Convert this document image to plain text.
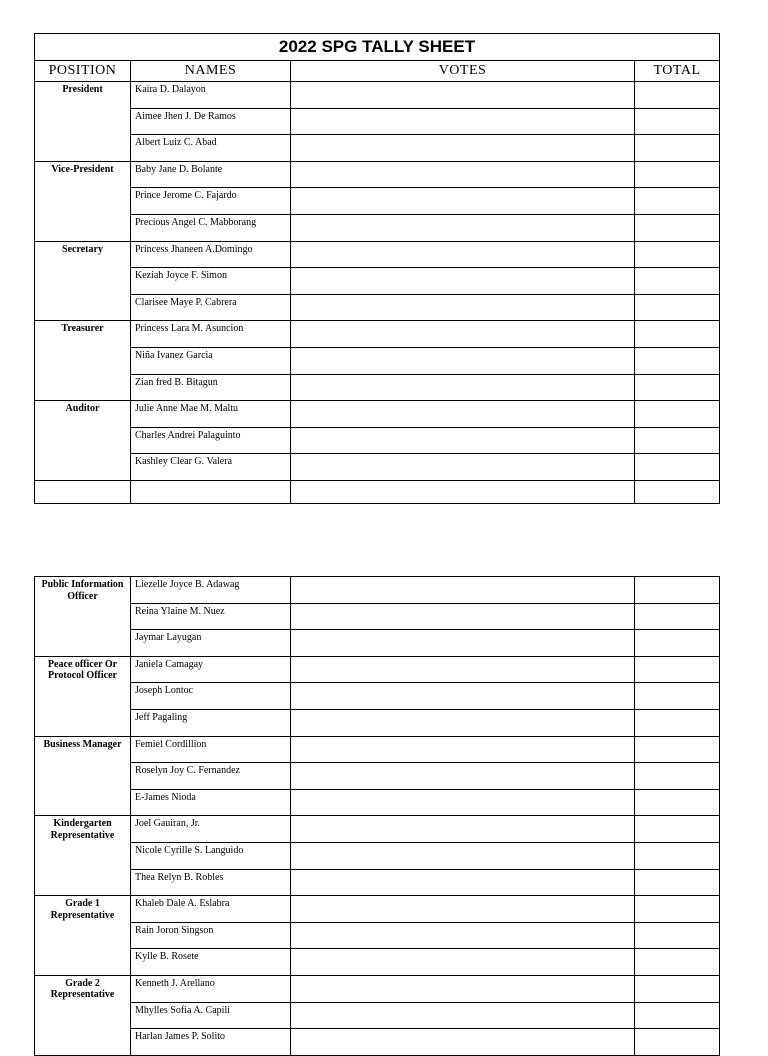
2022 SPG TALLY SHEET			
POSITION	NAMES	VOTES	TOTAL
President	Kaira D. Dalayon		
	Aimee Jhen J. De Ramos		
	Albert Luiz C. Abad		
Vice-President	Baby Jane D. Bolante		
	Prince Jerome C. Fajardo		
	Precious Angel C. Mabborang		
Secretary	Princess Jhaneen A.Domingo		
	Keziah Joyce F. Simon		
	Clarisee Maye P. Cabrera		
Treasurer	Princess Lara M. Asuncion		
	Niña Ivanez Garcia		
	Zian fred B. Bitagun		
Auditor	Julie Anne Mae M. Maltu		
	Charles Andrei Palaguinto		
	Kashley Clear G. Valera		

Public Information Officer	Liezelle Joyce B. Adawag		
	Reina Ylaine M. Nuez		
	Jaymar Layugan		
Peace officer Or Protocol Officer	Janiela Camagay		
	Joseph Lontoc		
	Jeff Pagaling		
Business Manager	Femiel Cordillion		
	Roselyn Joy C. Fernandez		
	E-James Nioda		
Kindergarten Representative	Joel Gauiran, Jr.		
	Nicole Cyrille S. Languido		
	Thea Relyn B. Robles		
Grade 1 Representative	Khaleb Dale A. Eslabra		
	Rain Joron Singson		
	Kylle B. Rosete		
Grade 2 Representative	Kenneth J. Arellano		
	Mhylles Sofia A. Capili		
	Harlan James P. Solito		
